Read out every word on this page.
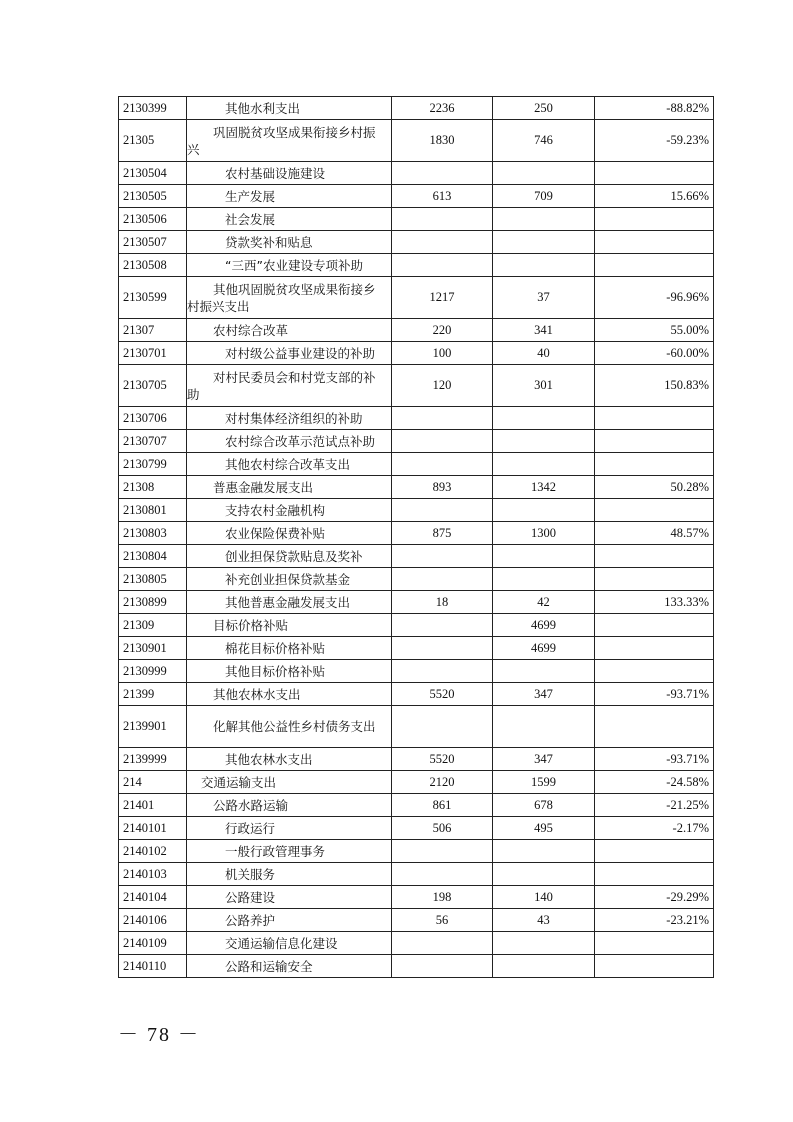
2130399	其他水利支出	2236	250	-88.82%
21305	巩固脱贫攻坚成果衔接乡村振兴	1830	746	-59.23%
2130504	农村基础设施建设			
2130505	生产发展	613	709	15.66%
2130506	社会发展			
2130507	贷款奖补和贴息			
2130508	“三西”农业建设专项补助			
2130599	其他巩固脱贫攻坚成果衔接乡村振兴支出	1217	37	-96.96%
21307	农村综合改革	220	341	55.00%
2130701	对村级公益事业建设的补助	100	40	-60.00%
2130705	对村民委员会和村党支部的补助	120	301	150.83%
2130706	对村集体经济组织的补助			
2130707	农村综合改革示范试点补助			
2130799	其他农村综合改革支出			
21308	普惠金融发展支出	893	1342	50.28%
2130801	支持农村金融机构			
2130803	农业保险保费补贴	875	1300	48.57%
2130804	创业担保贷款贴息及奖补			
2130805	补充创业担保贷款基金			
2130899	其他普惠金融发展支出	18	42	133.33%
21309	目标价格补贴		4699	
2130901	棉花目标价格补贴		4699	
2130999	其他目标价格补贴			
21399	其他农林水支出	5520	347	-93.71%
2139901	化解其他公益性乡村债务支出			
2139999	其他农林水支出	5520	347	-93.71%
214	交通运输支出	2120	1599	-24.58%
21401	公路水路运输	861	678	-21.25%
2140101	行政运行	506	495	-2.17%
2140102	一般行政管理事务			
2140103	机关服务			
2140104	公路建设	198	140	-29.29%
2140106	公路养护	56	43	-23.21%
2140109	交通运输信息化建设			
2140110	公路和运输安全			
－ 78 －
